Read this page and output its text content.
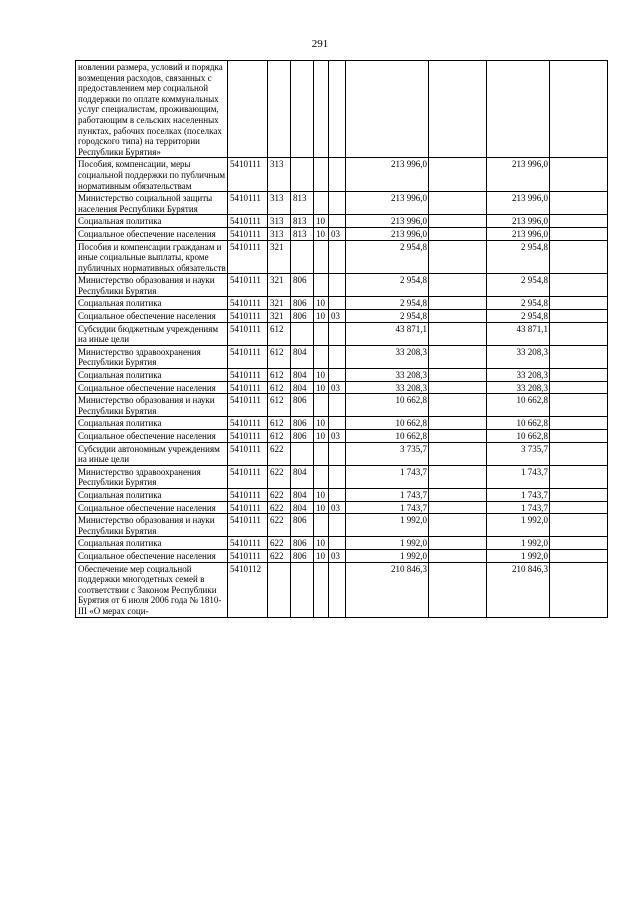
291
новлении размера, условий и порядка возмещения расходов, связанных с предоставлением мер социальной поддержки по оплате коммунальных услуг специалистам, проживающим, работающим в сельских населенных пунктах, рабочих поселках (поселках городского типа) на территории Республики Бурятия»									
Пособия, компенсации, меры социальной поддержки по публичным нормативным обязательствам	5410111	313				213 996,0		213 996,0	
Министерство социальной защиты населения Республики Бурятия	5410111	313	813			213 996,0		213 996,0	
Социальная политика	5410111	313	813	10		213 996,0		213 996,0	
Социальное обеспечение населения	5410111	313	813	10	03	213 996,0		213 996,0	
Пособия и компенсации гражданам и иные социальные выплаты, кроме публичных нормативных обязательств	5410111	321				2 954,8		2 954,8	
Министерство образования и науки Республики Бурятия	5410111	321	806			2 954,8		2 954,8	
Социальная политика	5410111	321	806	10		2 954,8		2 954,8	
Социальное обеспечение населения	5410111	321	806	10	03	2 954,8		2 954,8	
Субсидии бюджетным учреждениям на иные цели	5410111	612				43 871,1		43 871,1	
Министерство здравоохранения Республики Бурятия	5410111	612	804			33 208,3		33 208,3	
Социальная политика	5410111	612	804	10		33 208,3		33 208,3	
Социальное обеспечение населения	5410111	612	804	10	03	33 208,3		33 208,3	
Министерство образования и науки Республики Бурятия	5410111	612	806			10 662,8		10 662,8	
Социальная политика	5410111	612	806	10		10 662,8		10 662,8	
Социальное обеспечение населения	5410111	612	806	10	03	10 662,8		10 662,8	
Субсидии автономным учреждениям на иные цели	5410111	622				3 735,7		3 735,7	
Министерство здравоохранения Республики Бурятия	5410111	622	804			1 743,7		1 743,7	
Социальная политика	5410111	622	804	10		1 743,7		1 743,7	
Социальное обеспечение населения	5410111	622	804	10	03	1 743,7		1 743,7	
Министерство образования и науки Республики Бурятия	5410111	622	806			1 992,0		1 992,0	
Социальная политика	5410111	622	806	10		1 992,0		1 992,0	
Социальное обеспечение населения	5410111	622	806	10	03	1 992,0		1 992,0	
Обеспечение мер социальной поддержки многодетных семей в соответствии с Законом Республики Бурятия от 6 июля 2006 года № 1810-III «О мерах соци-	5410112					210 846,3		210 846,3	
